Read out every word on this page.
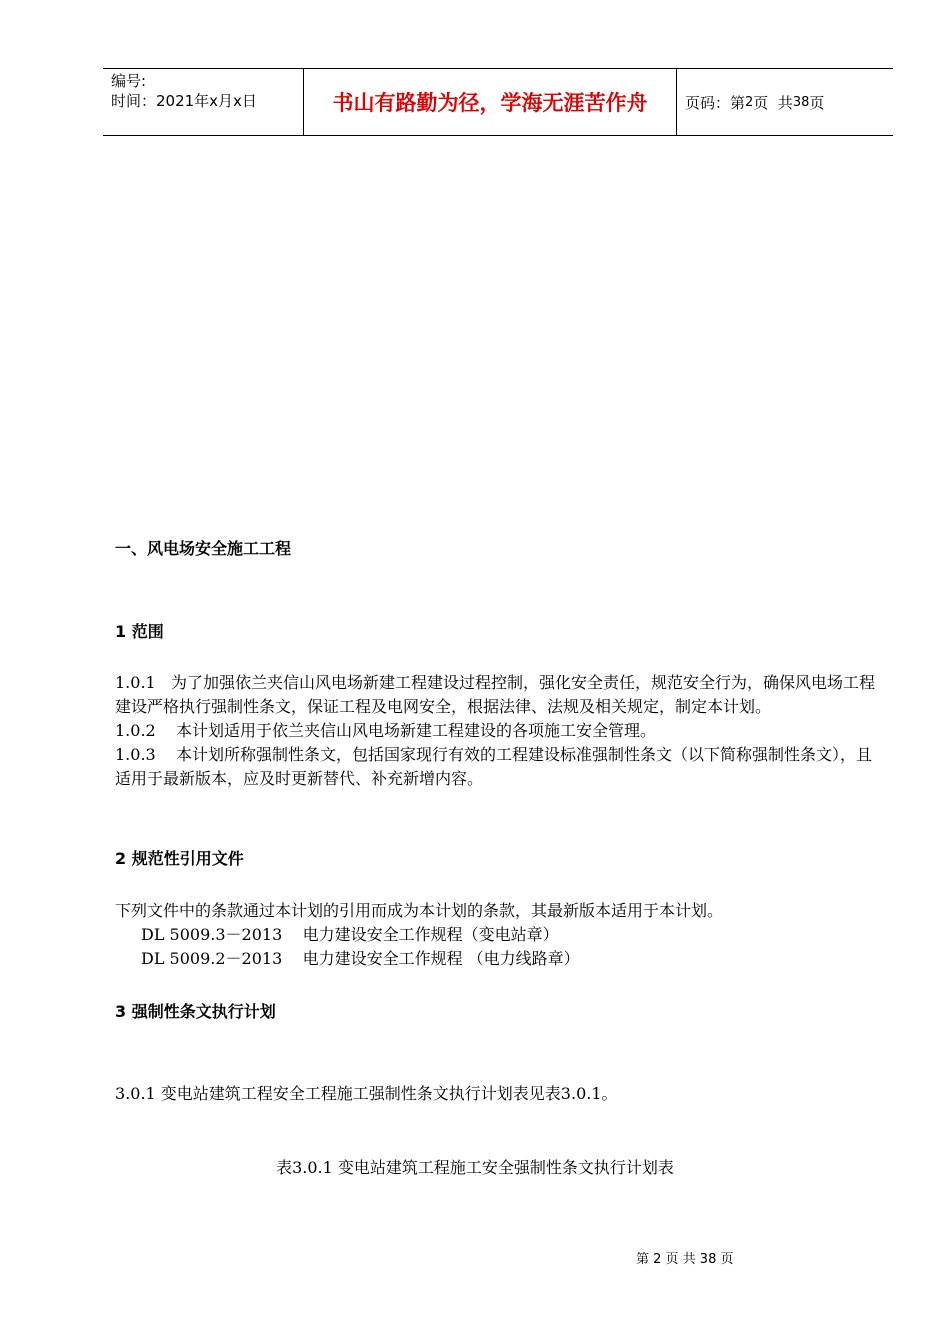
编号:
时间：2021年x月x日	书山有路勤为径，学海无涯苦作舟	页码：第 2 页  共 38 页
一、风电场安全施工工程
1 范围

1.0.1   为了加强依兰夹信山风电场新建工程建设过程控制，强化安全责任，规范安全行为，确保风电场工程建设严格执行强制性条文，保证工程及电网安全，根据法律、法规及相关规定，制定本计划。

1.0.2    本计划适用于依兰夹信山风电场新建工程建设的各项施工安全管理。

1.0.3    本计划所称强制性条文，包括国家现行有效的工程建设标准强制性条文（以下简称强制性条文），且适用于最新版本，应及时更新替代、补充新增内容。

2 规范性引用文件

下列文件中的条款通过本计划的引用而成为本计划的条款，其最新版本适用于本计划。

DL 5009.3－2013    电力建设安全工作规程（变电站章）

DL 5009.2－2013    电力建设安全工作规程 （电力线路章）

3 强制性条文执行计划
3.0.1 变电站建筑工程安全工程施工强制性条文执行计划表见表3.0.1。
表3.0.1 变电站建筑工程施工安全强制性条文执行计划表
第 2 页 共 38 页
